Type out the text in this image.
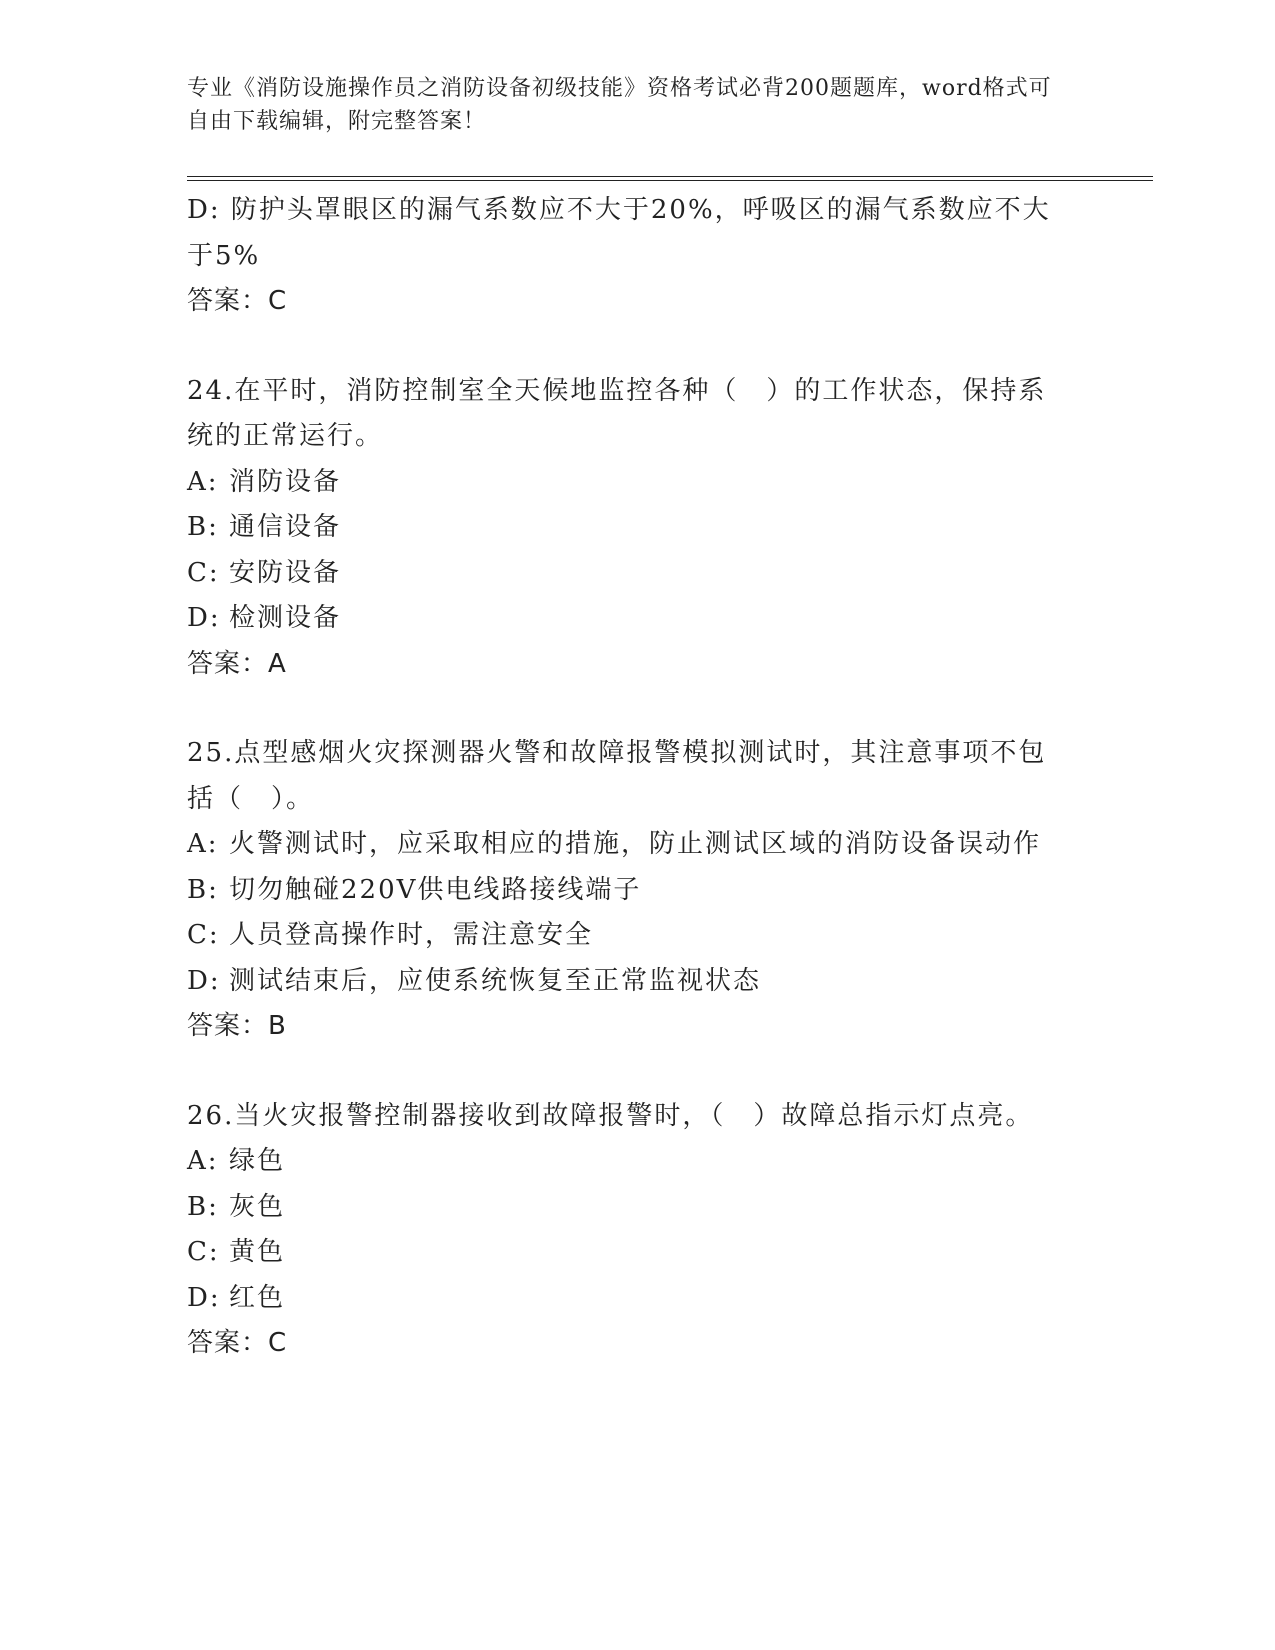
专业《消防设施操作员之消防设备初级技能》资格考试必背200题题库，word格式可自由下载编辑，附完整答案！

D: 防护头罩眼区的漏气系数应不大于20%，呼吸区的漏气系数应不大于5%

答案：C

24.在平时，消防控制室全天候地监控各种（　）的工作状态，保持系统的正常运行。

A: 消防设备

B: 通信设备

C: 安防设备

D: 检测设备

答案：A

25.点型感烟火灾探测器火警和故障报警模拟测试时，其注意事项不包括（　）。

A: 火警测试时，应采取相应的措施，防止测试区域的消防设备误动作

B: 切勿触碰220V供电线路接线端子

C: 人员登高操作时，需注意安全

D: 测试结束后，应使系统恢复至正常监视状态

答案：B

26.当火灾报警控制器接收到故障报警时，（　）故障总指示灯点亮。

A: 绿色

B: 灰色

C: 黄色

D: 红色

答案：C
